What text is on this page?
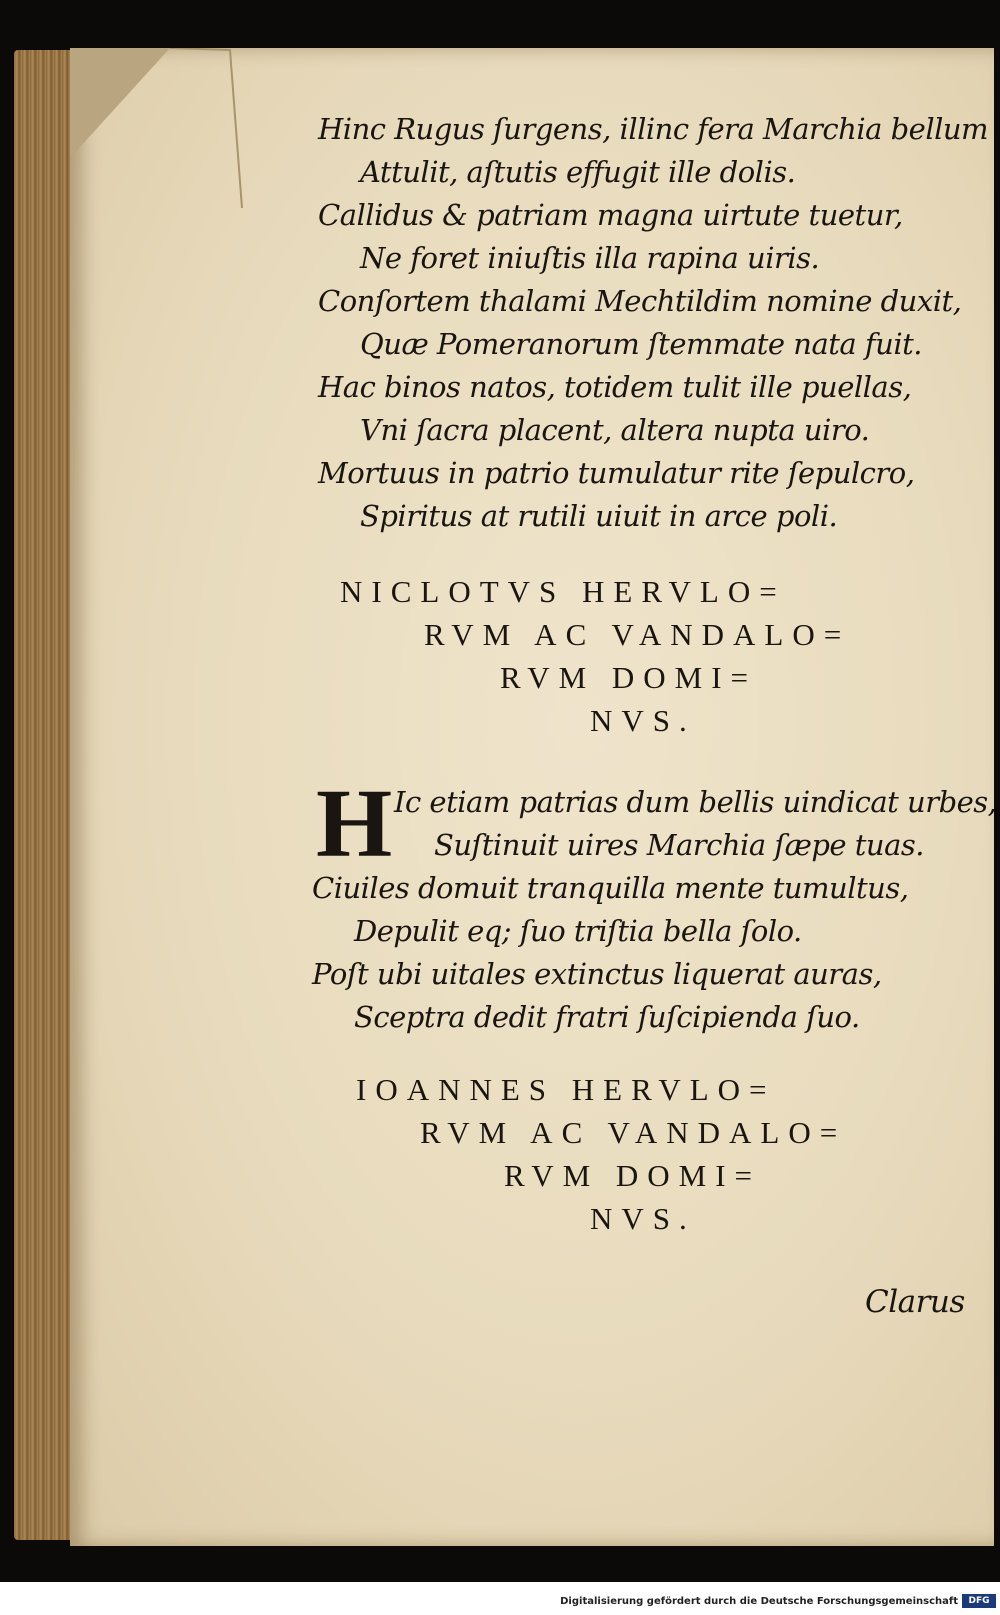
Hinc Rugus ſurgens, illinc fera Marchia bellum
Attulit, aſtutis effugit ille dolis.
Callidus & patriam magna uirtute tuetur,
Ne foret iniuſtis illa rapina uiris.
Conſortem thalami Mechtildim nomine duxit,
Quæ Pomeranorum ſtemmate nata fuit.
Hac binos natos, totidem tulit ille puellas,
Vni ſacra placent, altera nupta uiro.
Mortuus in patrio tumulatur rite ſepulcro,
Spiritus at rutili uiuit in arce poli.
NICLOTVS HERVLO=
RVM AC VANDALO=
RVM DOMI=
NVS.
H Ic etiam patrias dum bellis uindicat urbes,
Suſtinuit uires Marchia ſæpe tuas.
Ciuiles domuit tranquilla mente tumultus,
Depulit eq; ſuo triſtia bella ſolo.
Poſt ubi uitales extinctus liquerat auras,
Sceptra dedit fratri ſuſcipienda ſuo.
IOANNES HERVLO=
RVM AC VANDALO=
RVM DOMI=
NVS.
Clarus
Digitalisierung gefördert durch die Deutsche Forschungsgemeinschaft	DFG
